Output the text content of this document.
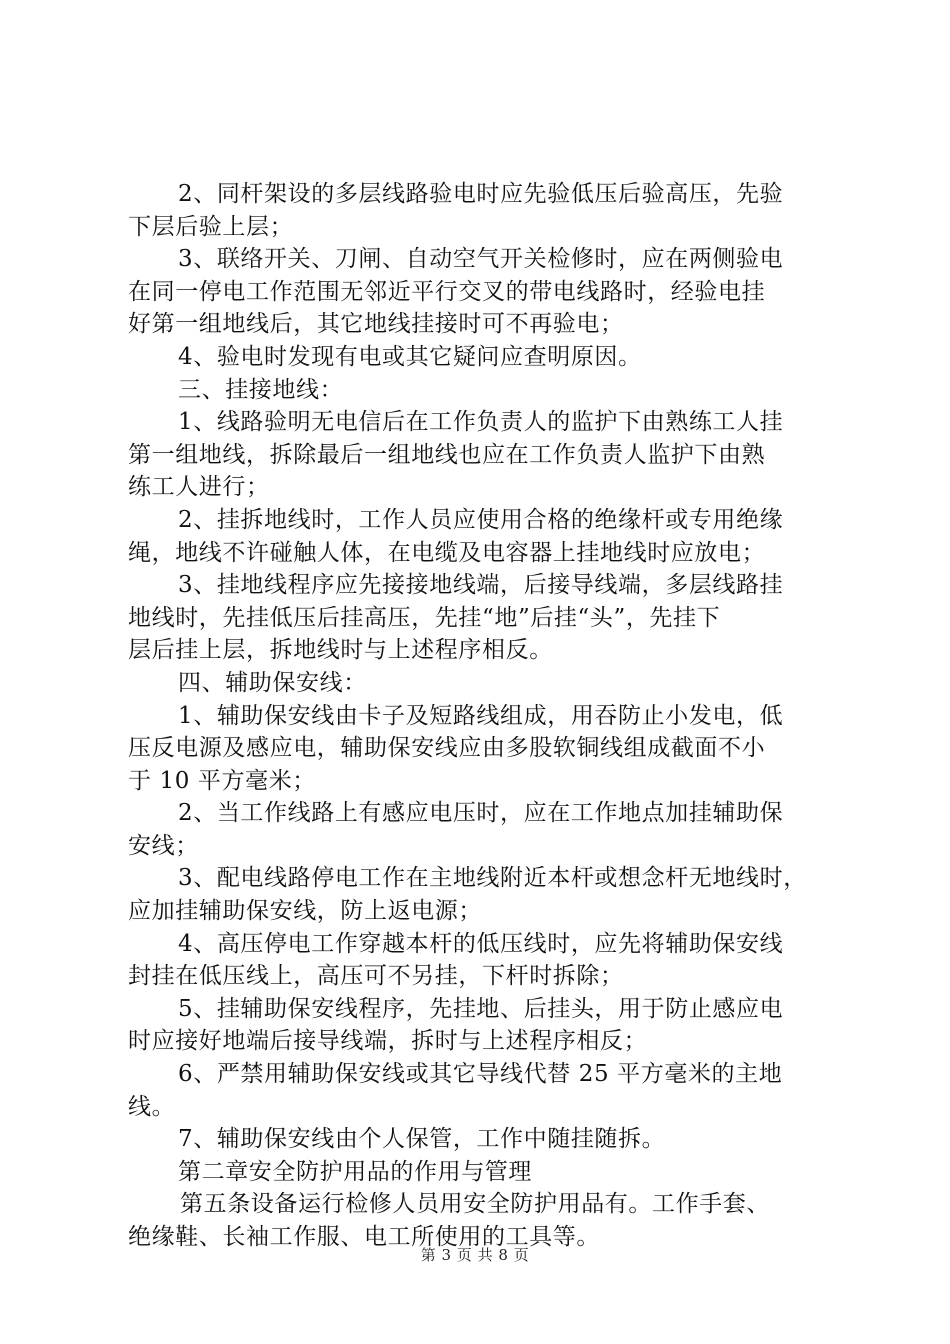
2、同杆架设的多层线路验电时应先验低压后验高压，先验
下层后验上层；
3、联络开关、刀闸、自动空气开关检修时，应在两侧验电
在同一停电工作范围无邻近平行交叉的带电线路时，经验电挂
好第一组地线后，其它地线挂接时可不再验电；
4、验电时发现有电或其它疑问应查明原因。
三、挂接地线：
1、线路验明无电信后在工作负责人的监护下由熟练工人挂
第一组地线，拆除最后一组地线也应在工作负责人监护下由熟
练工人进行；
2、挂拆地线时，工作人员应使用合格的绝缘杆或专用绝缘
绳，地线不许碰触人体，在电缆及电容器上挂地线时应放电；
3、挂地线程序应先接接地线端，后接导线端，多层线路挂
地线时，先挂低压后挂高压，先挂“地”后挂“头”，先挂下
层后挂上层，拆地线时与上述程序相反。
四、辅助保安线：
1、辅助保安线由卡子及短路线组成，用吞防止小发电，低
压反电源及感应电，辅助保安线应由多股软铜线组成截面不小
于 10 平方毫米；
2、当工作线路上有感应电压时，应在工作地点加挂辅助保
安线；
3、配电线路停电工作在主地线附近本杆或想念杆无地线时，
应加挂辅助保安线，防上返电源；
4、高压停电工作穿越本杆的低压线时，应先将辅助保安线
封挂在低压线上，高压可不另挂，下杆时拆除；
5、挂辅助保安线程序，先挂地、后挂头，用于防止感应电
时应接好地端后接导线端，拆时与上述程序相反；
6、严禁用辅助保安线或其它导线代替 25 平方毫米的主地
线。
7、辅助保安线由个人保管，工作中随挂随拆。
第二章安全防护用品的作用与管理
第五条设备运行检修人员用安全防护用品有。工作手套、
绝缘鞋、长袖工作服、电工所使用的工具等。
第 3 页 共 8 页
